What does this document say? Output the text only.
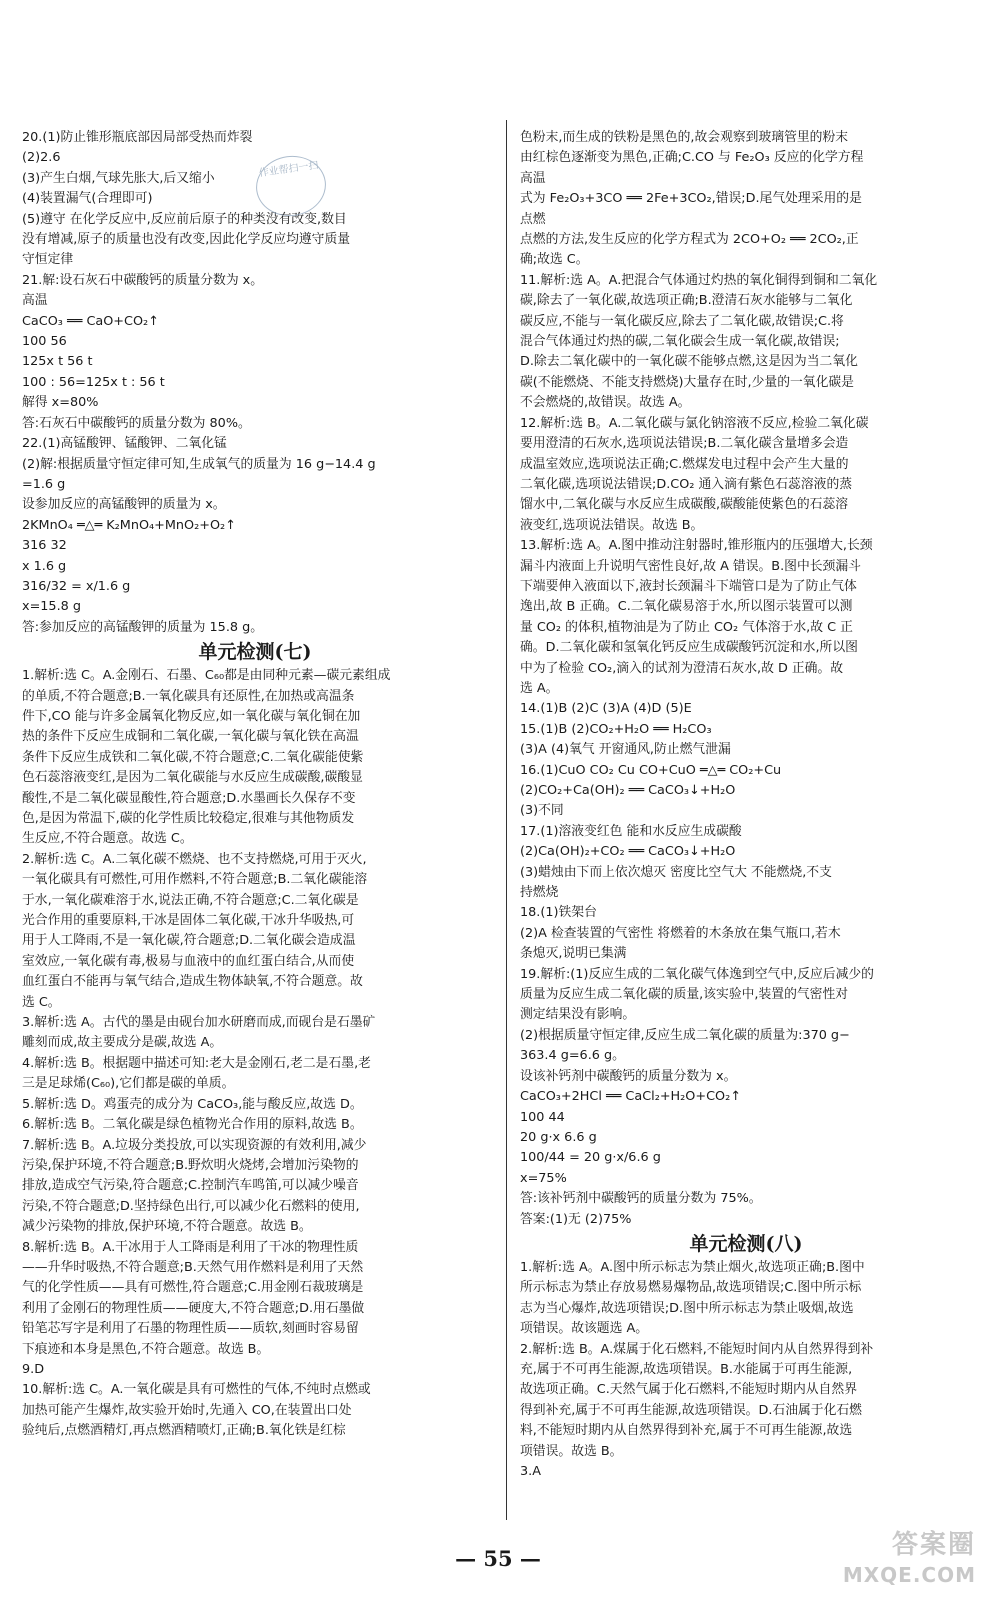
20.(1)防止锥形瓶底部因局部受热而炸裂
(2)2.6
(3)产生白烟,气球先胀大,后又缩小
(4)装置漏气(合理即可)
(5)遵守 在化学反应中,反应前后原子的种类没有改变,数目
没有增减,原子的质量也没有改变,因此化学反应均遵守质量
守恒定律
21.解:设石灰石中碳酸钙的质量分数为 x。
高温
CaCO₃ ══ CaO+CO₂↑
100 56
125x t 56 t
100 : 56=125x t : 56 t
解得 x=80%
答:石灰石中碳酸钙的质量分数为 80%。
22.(1)高锰酸钾、锰酸钾、二氧化锰
(2)解:根据质量守恒定律可知,生成氧气的质量为 16 g−14.4 g
=1.6 g
设参加反应的高锰酸钾的质量为 x。
2KMnO₄ ═△═ K₂MnO₄+MnO₂+O₂↑
316 32
x 1.6 g
316/32 = x/1.6 g
x=15.8 g
答:参加反应的高锰酸钾的质量为 15.8 g。
单元检测(七)
1.解析:选 C。A.金刚石、石墨、C₆₀都是由同种元素—碳元素组成
的单质,不符合题意;B.一氧化碳具有还原性,在加热或高温条
件下,CO 能与许多金属氧化物反应,如一氧化碳与氧化铜在加
热的条件下反应生成铜和二氧化碳,一氧化碳与氧化铁在高温
条件下反应生成铁和二氧化碳,不符合题意;C.二氧化碳能使紫
色石蕊溶液变红,是因为二氧化碳能与水反应生成碳酸,碳酸显
酸性,不是二氧化碳显酸性,符合题意;D.水墨画长久保存不变
色,是因为常温下,碳的化学性质比较稳定,很难与其他物质发
生反应,不符合题意。故选 C。
2.解析:选 C。A.二氧化碳不燃烧、也不支持燃烧,可用于灭火,
一氧化碳具有可燃性,可用作燃料,不符合题意;B.二氧化碳能溶
于水,一氧化碳难溶于水,说法正确,不符合题意;C.二氧化碳是
光合作用的重要原料,干冰是固体二氧化碳,干冰升华吸热,可
用于人工降雨,不是一氧化碳,符合题意;D.二氧化碳会造成温
室效应,一氧化碳有毒,极易与血液中的血红蛋白结合,从而使
血红蛋白不能再与氧气结合,造成生物体缺氧,不符合题意。故
选 C。
3.解析:选 A。古代的墨是由砚台加水研磨而成,而砚台是石墨矿
雕刻而成,故主要成分是碳,故选 A。
4.解析:选 B。根据题中描述可知:老大是金刚石,老二是石墨,老
三是足球烯(C₆₀),它们都是碳的单质。
5.解析:选 D。鸡蛋壳的成分为 CaCO₃,能与酸反应,故选 D。
6.解析:选 B。二氧化碳是绿色植物光合作用的原料,故选 B。
7.解析:选 B。A.垃圾分类投放,可以实现资源的有效利用,减少
污染,保护环境,不符合题意;B.野炊明火烧烤,会增加污染物的
排放,造成空气污染,符合题意;C.控制汽车鸣笛,可以减少噪音
污染,不符合题意;D.坚持绿色出行,可以减少化石燃料的使用,
减少污染物的排放,保护环境,不符合题意。故选 B。
8.解析:选 B。A.干冰用于人工降雨是利用了干冰的物理性质
——升华时吸热,不符合题意;B.天然气用作燃料是利用了天然
气的化学性质——具有可燃性,符合题意;C.用金刚石裁玻璃是
利用了金刚石的物理性质——硬度大,不符合题意;D.用石墨做
铅笔芯写字是利用了石墨的物理性质——质软,刻画时容易留
下痕迹和本身是黑色,不符合题意。故选 B。
9.D
10.解析:选 C。A.一氧化碳是具有可燃性的气体,不纯时点燃或
加热可能产生爆炸,故实验开始时,先通入 CO,在装置出口处
验纯后,点燃酒精灯,再点燃酒精喷灯,正确;B.氧化铁是红棕
色粉末,而生成的铁粉是黑色的,故会观察到玻璃管里的粉末
由红棕色逐渐变为黑色,正确;C.CO 与 Fe₂O₃ 反应的化学方程
高温
式为 Fe₂O₃+3CO ══ 2Fe+3CO₂,错误;D.尾气处理采用的是
点燃
点燃的方法,发生反应的化学方程式为 2CO+O₂ ══ 2CO₂,正
确;故选 C。
11.解析:选 A。A.把混合气体通过灼热的氧化铜得到铜和二氧化
碳,除去了一氧化碳,故选项正确;B.澄清石灰水能够与二氧化
碳反应,不能与一氧化碳反应,除去了二氧化碳,故错误;C.将
混合气体通过灼热的碳,二氧化碳会生成一氧化碳,故错误;
D.除去二氧化碳中的一氧化碳不能够点燃,这是因为当二氧化
碳(不能燃烧、不能支持燃烧)大量存在时,少量的一氧化碳是
不会燃烧的,故错误。故选 A。
12.解析:选 B。A.二氧化碳与氯化钠溶液不反应,检验二氧化碳
要用澄清的石灰水,选项说法错误;B.二氧化碳含量增多会造
成温室效应,选项说法正确;C.燃煤发电过程中会产生大量的
二氧化碳,选项说法错误;D.CO₂ 通入滴有紫色石蕊溶液的蒸
馏水中,二氧化碳与水反应生成碳酸,碳酸能使紫色的石蕊溶
液变红,选项说法错误。故选 B。
13.解析:选 A。A.图中推动注射器时,锥形瓶内的压强增大,长颈
漏斗内液面上升说明气密性良好,故 A 错误。B.图中长颈漏斗
下端要伸入液面以下,液封长颈漏斗下端管口是为了防止气体
逸出,故 B 正确。C.二氧化碳易溶于水,所以图示装置可以测
量 CO₂ 的体积,植物油是为了防止 CO₂ 气体溶于水,故 C 正
确。D.二氧化碳和氢氧化钙反应生成碳酸钙沉淀和水,所以图
中为了检验 CO₂,滴入的试剂为澄清石灰水,故 D 正确。故
选 A。
14.(1)B (2)C (3)A (4)D (5)E
15.(1)B (2)CO₂+H₂O ══ H₂CO₃
(3)A (4)氧气 开窗通风,防止燃气泄漏
16.(1)CuO CO₂ Cu CO+CuO ═△═ CO₂+Cu
(2)CO₂+Ca(OH)₂ ══ CaCO₃↓+H₂O
(3)不同
17.(1)溶液变红色 能和水反应生成碳酸
(2)Ca(OH)₂+CO₂ ══ CaCO₃↓+H₂O
(3)蜡烛由下而上依次熄灭 密度比空气大 不能燃烧,不支
持燃烧
18.(1)铁架台
(2)A 检查装置的气密性 将燃着的木条放在集气瓶口,若木
条熄灭,说明已集满
19.解析:(1)反应生成的二氧化碳气体逸到空气中,反应后减少的
质量为反应生成二氧化碳的质量,该实验中,装置的气密性对
测定结果没有影响。
(2)根据质量守恒定律,反应生成二氧化碳的质量为:370 g−
363.4 g=6.6 g。
设该补钙剂中碳酸钙的质量分数为 x。
CaCO₃+2HCl ══ CaCl₂+H₂O+CO₂↑
100 44
20 g·x 6.6 g
100/44 = 20 g·x/6.6 g
x=75%
答:该补钙剂中碳酸钙的质量分数为 75%。
答案:(1)无 (2)75%
单元检测(八)
1.解析:选 A。A.图中所示标志为禁止烟火,故选项正确;B.图中
所示标志为禁止存放易燃易爆物品,故选项错误;C.图中所示标
志为当心爆炸,故选项错误;D.图中所示标志为禁止吸烟,故选
项错误。故该题选 A。
2.解析:选 B。A.煤属于化石燃料,不能短时间内从自然界得到补
充,属于不可再生能源,故选项错误。B.水能属于可再生能源,
故选项正确。C.天然气属于化石燃料,不能短时期内从自然界
得到补充,属于不可再生能源,故选项错误。D.石油属于化石燃
料,不能短时期内从自然界得到补充,属于不可再生能源,故选
项错误。故选 B。
3.A
作业帮扫一扫
— 55 —	答案圈
MXQE.COM
